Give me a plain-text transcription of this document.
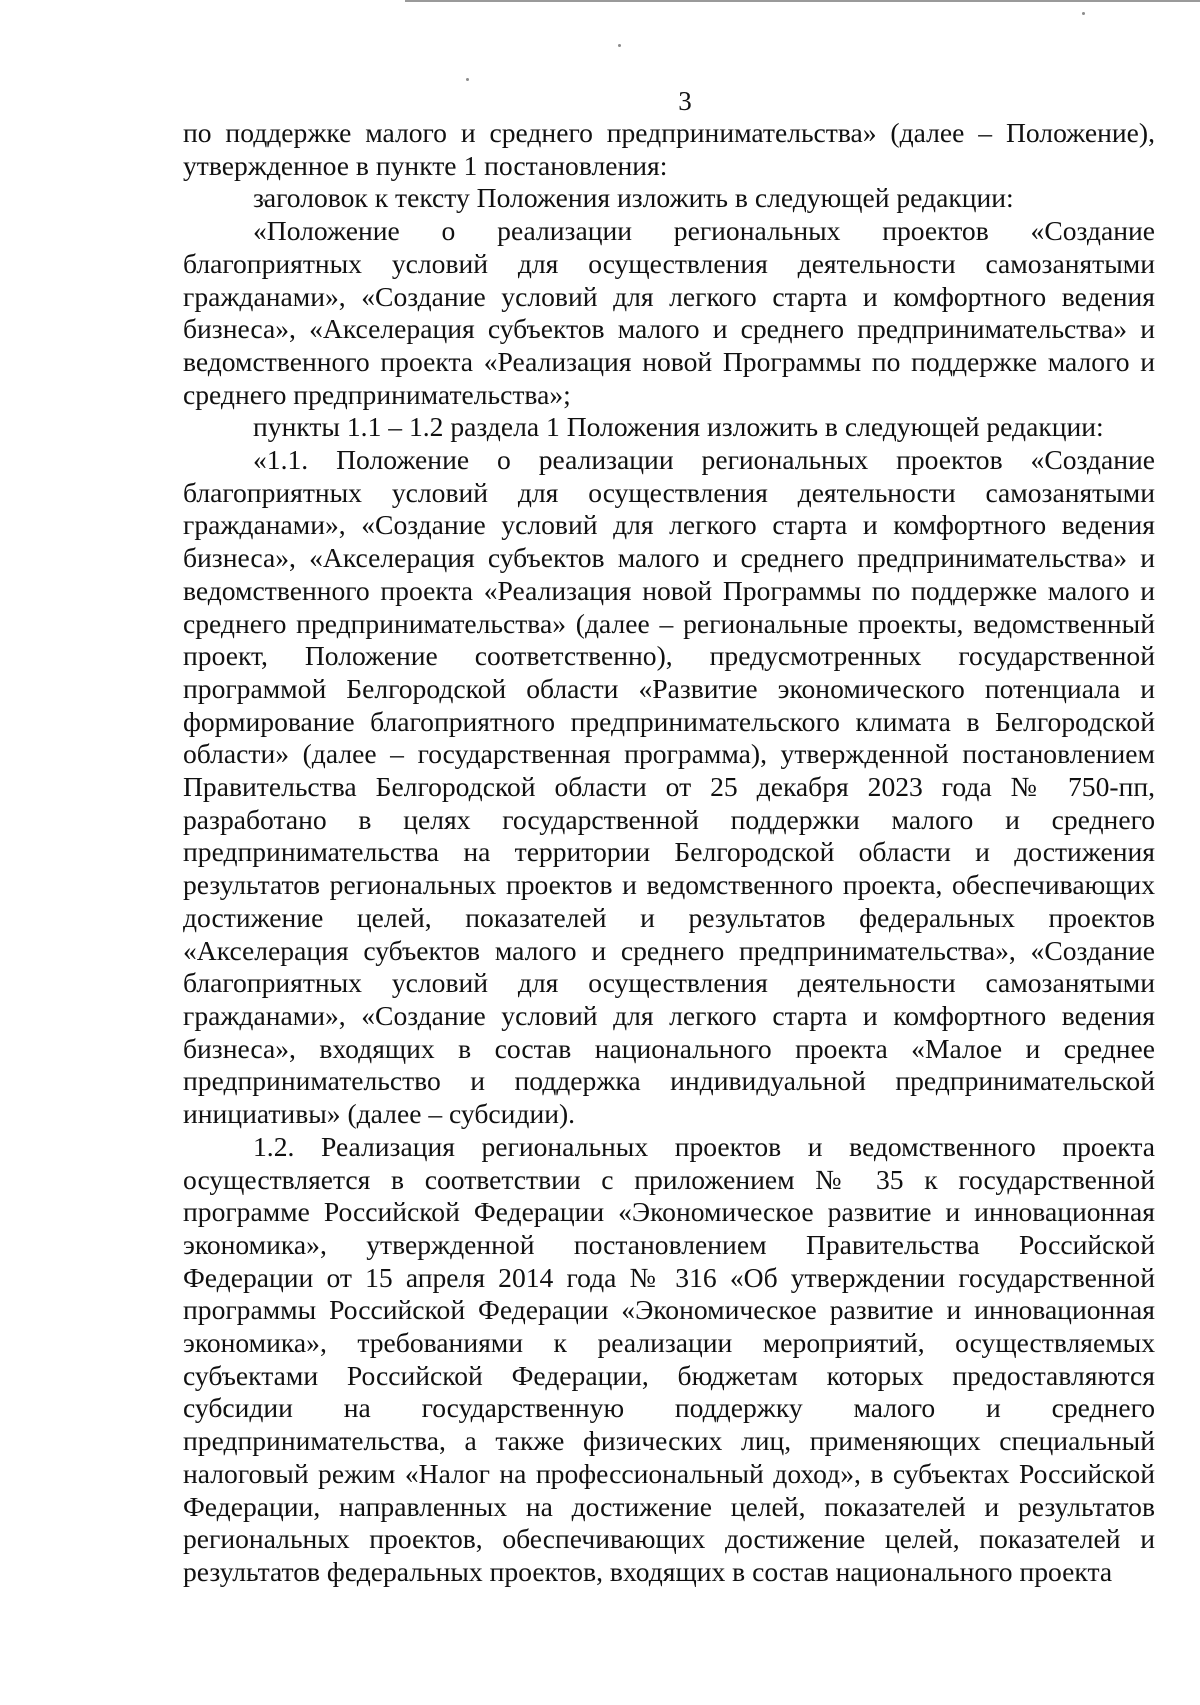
3

по поддержке малого и среднего предпринимательства» (далее – Положение), утвержденное в пункте 1 постановления:

заголовок к тексту Положения изложить в следующей редакции:

«Положение о реализации региональных проектов «Создание благоприятных условий для осуществления деятельности самозанятыми гражданами», «Создание условий для легкого старта и комфортного ведения бизнеса», «Акселерация субъектов малого и среднего предпринимательства» и ведомственного проекта «Реализация новой Программы по поддержке малого и среднего предпринимательства»;

пункты 1.1 – 1.2 раздела 1 Положения изложить в следующей редакции:

«1.1. Положение о реализации региональных проектов «Создание благоприятных условий для осуществления деятельности самозанятыми гражданами», «Создание условий для легкого старта и комфортного ведения бизнеса», «Акселерация субъектов малого и среднего предпринимательства» и ведомственного проекта «Реализация новой Программы по поддержке малого и среднего предпринимательства» (далее – региональные проекты, ведомственный проект, Положение соответственно), предусмотренных государственной программой Белгородской области «Развитие экономического потенциала и формирование благоприятного предпринимательского климата в Белгородской области» (далее – государственная программа), утвержденной постановлением Правительства Белгородской области от 25 декабря 2023 года № 750-пп, разработано в целях государственной поддержки малого и среднего предпринимательства на территории Белгородской области и достижения результатов региональных проектов и ведомственного проекта, обеспечивающих достижение целей, показателей и результатов федеральных проектов «Акселерация субъектов малого и среднего предпринимательства», «Создание благоприятных условий для осуществления деятельности самозанятыми гражданами», «Создание условий для легкого старта и комфортного ведения бизнеса», входящих в состав национального проекта «Малое и среднее предпринимательство и поддержка индивидуальной предпринимательской инициативы» (далее – субсидии).

1.2. Реализация региональных проектов и ведомственного проекта осуществляется в соответствии с приложением № 35 к государственной программе Российской Федерации «Экономическое развитие и инновационная экономика», утвержденной постановлением Правительства Российской Федерации от 15 апреля 2014 года № 316 «Об утверждении государственной программы Российской Федерации «Экономическое развитие и инновационная экономика», требованиями к реализации мероприятий, осуществляемых субъектами Российской Федерации, бюджетам которых предоставляются субсидии на государственную поддержку малого и среднего предпринимательства, а также физических лиц, применяющих специальный налоговый режим «Налог на профессиональный доход», в субъектах Российской Федерации, направленных на достижение целей, показателей и результатов региональных проектов, обеспечивающих достижение целей, показателей и результатов федеральных проектов, входящих в состав национального проекта
